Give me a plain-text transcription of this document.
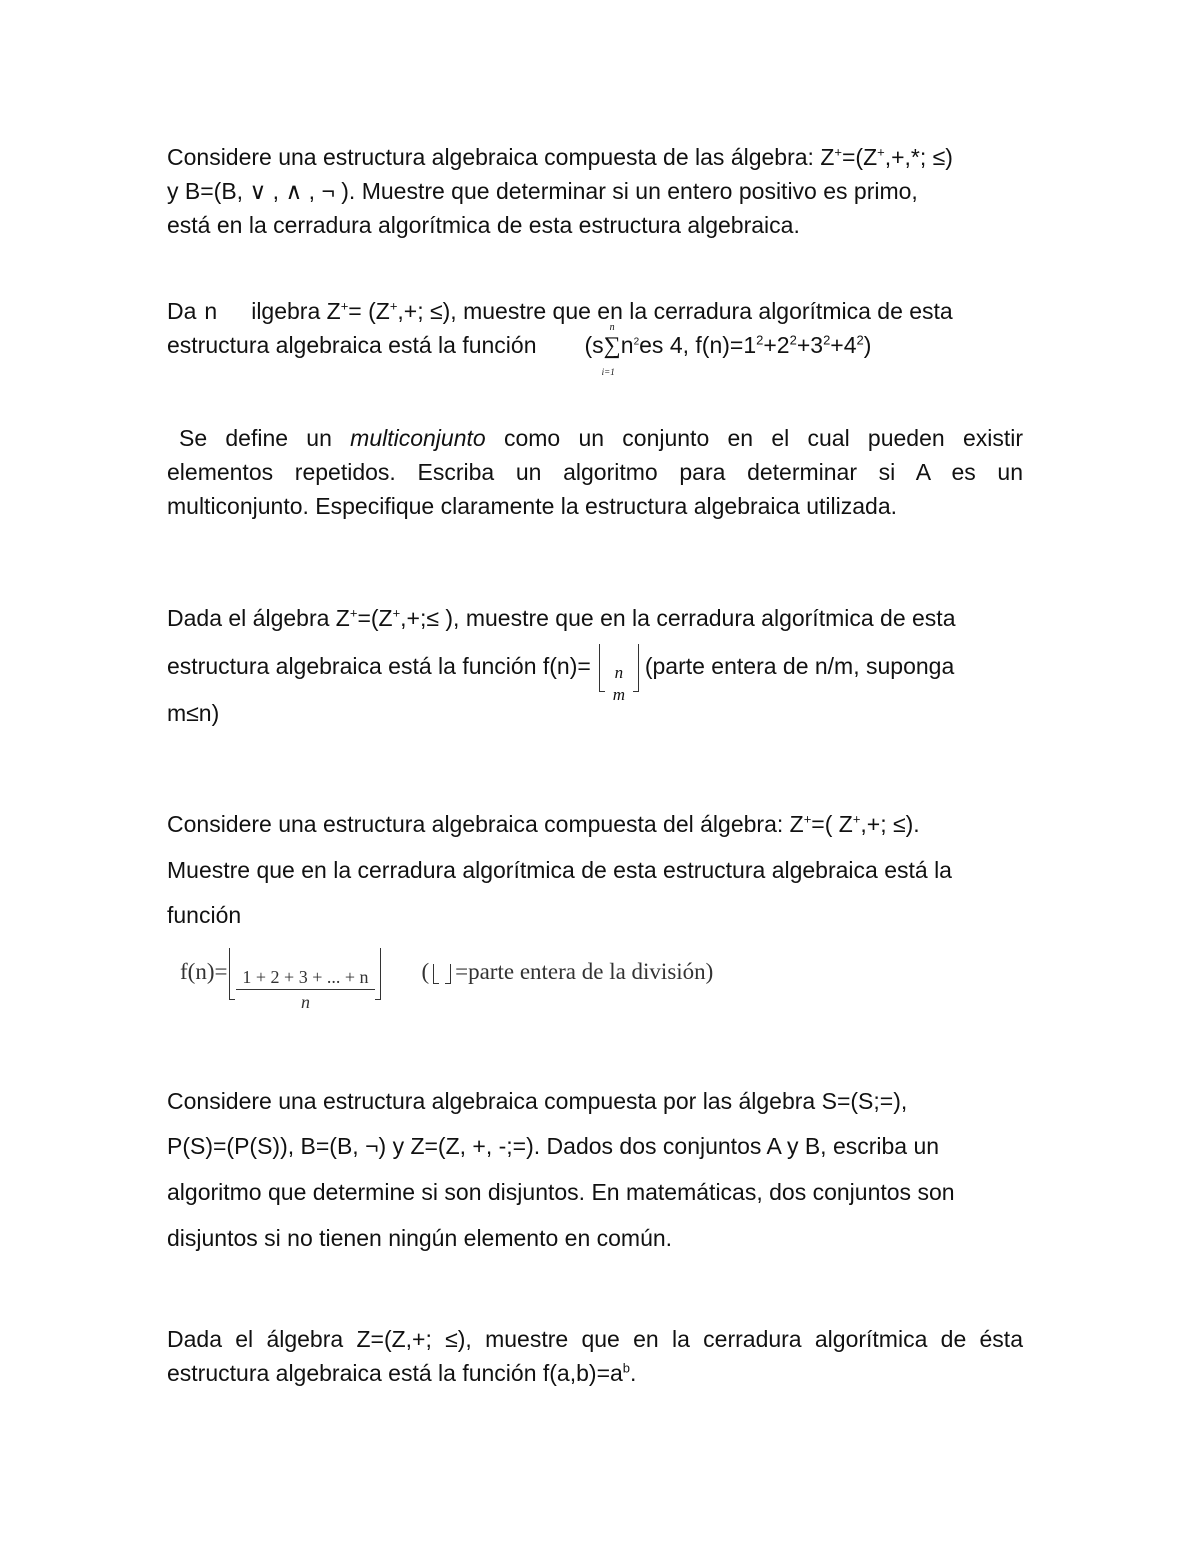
Considere una estructura algebraica compuesta de las álgebra: Z+=(Z+,+,*; ≤)
y B=(B, ∨ , ∧ , ¬ ). Muestre que determinar si un entero positivo es primo,
está en la cerradura algorítmica de esta estructura algebraica.
Da n ilgebra Z+= (Z+,+; ≤), muestre que en la cerradura algorítmica de esta
estructura algebraica está la función (s
n
∑
i=1
$n^2es$ 4, $f(n)=1^2+2^2+3^2+4^2$)
Se define un multiconjunto como un conjunto en el cual pueden existir
elementos repetidos. Escriba un algoritmo para determinar si A es un
multiconjunto. Especifique claramente la estructura algebraica utilizada.
Dada el álgebra Z+=(Z+,+;≤ ), muestre que en la cerradura algorítmica de esta
estructura algebraica está la función f(n)= n
m
(parte entera de n/m, suponga
m≤n)
Considere una estructura algebraica compuesta del álgebra: Z+=( Z+,+; ≤).
Muestre que en la cerradura algorítmica de esta estructura algebraica está la
función
$f(n)= \frac{1 + 2 + 3 + ... + n}{n}$ ( =parte entera de la división)
Considere una estructura algebraica compuesta por las álgebra S=(S;=),
P(S)=(P(S)), B=(B, ¬) y Z=(Z, +, -;=). Dados dos conjuntos A y B, escriba un
algoritmo que determine si son disjuntos. En matemáticas, dos conjuntos son
disjuntos si no tienen ningún elemento en común.
Dada el álgebra Z=(Z,+; ≤), muestre que en la cerradura algorítmica de ésta
estructura algebraica está la función $f(a,b)=a^b$.
